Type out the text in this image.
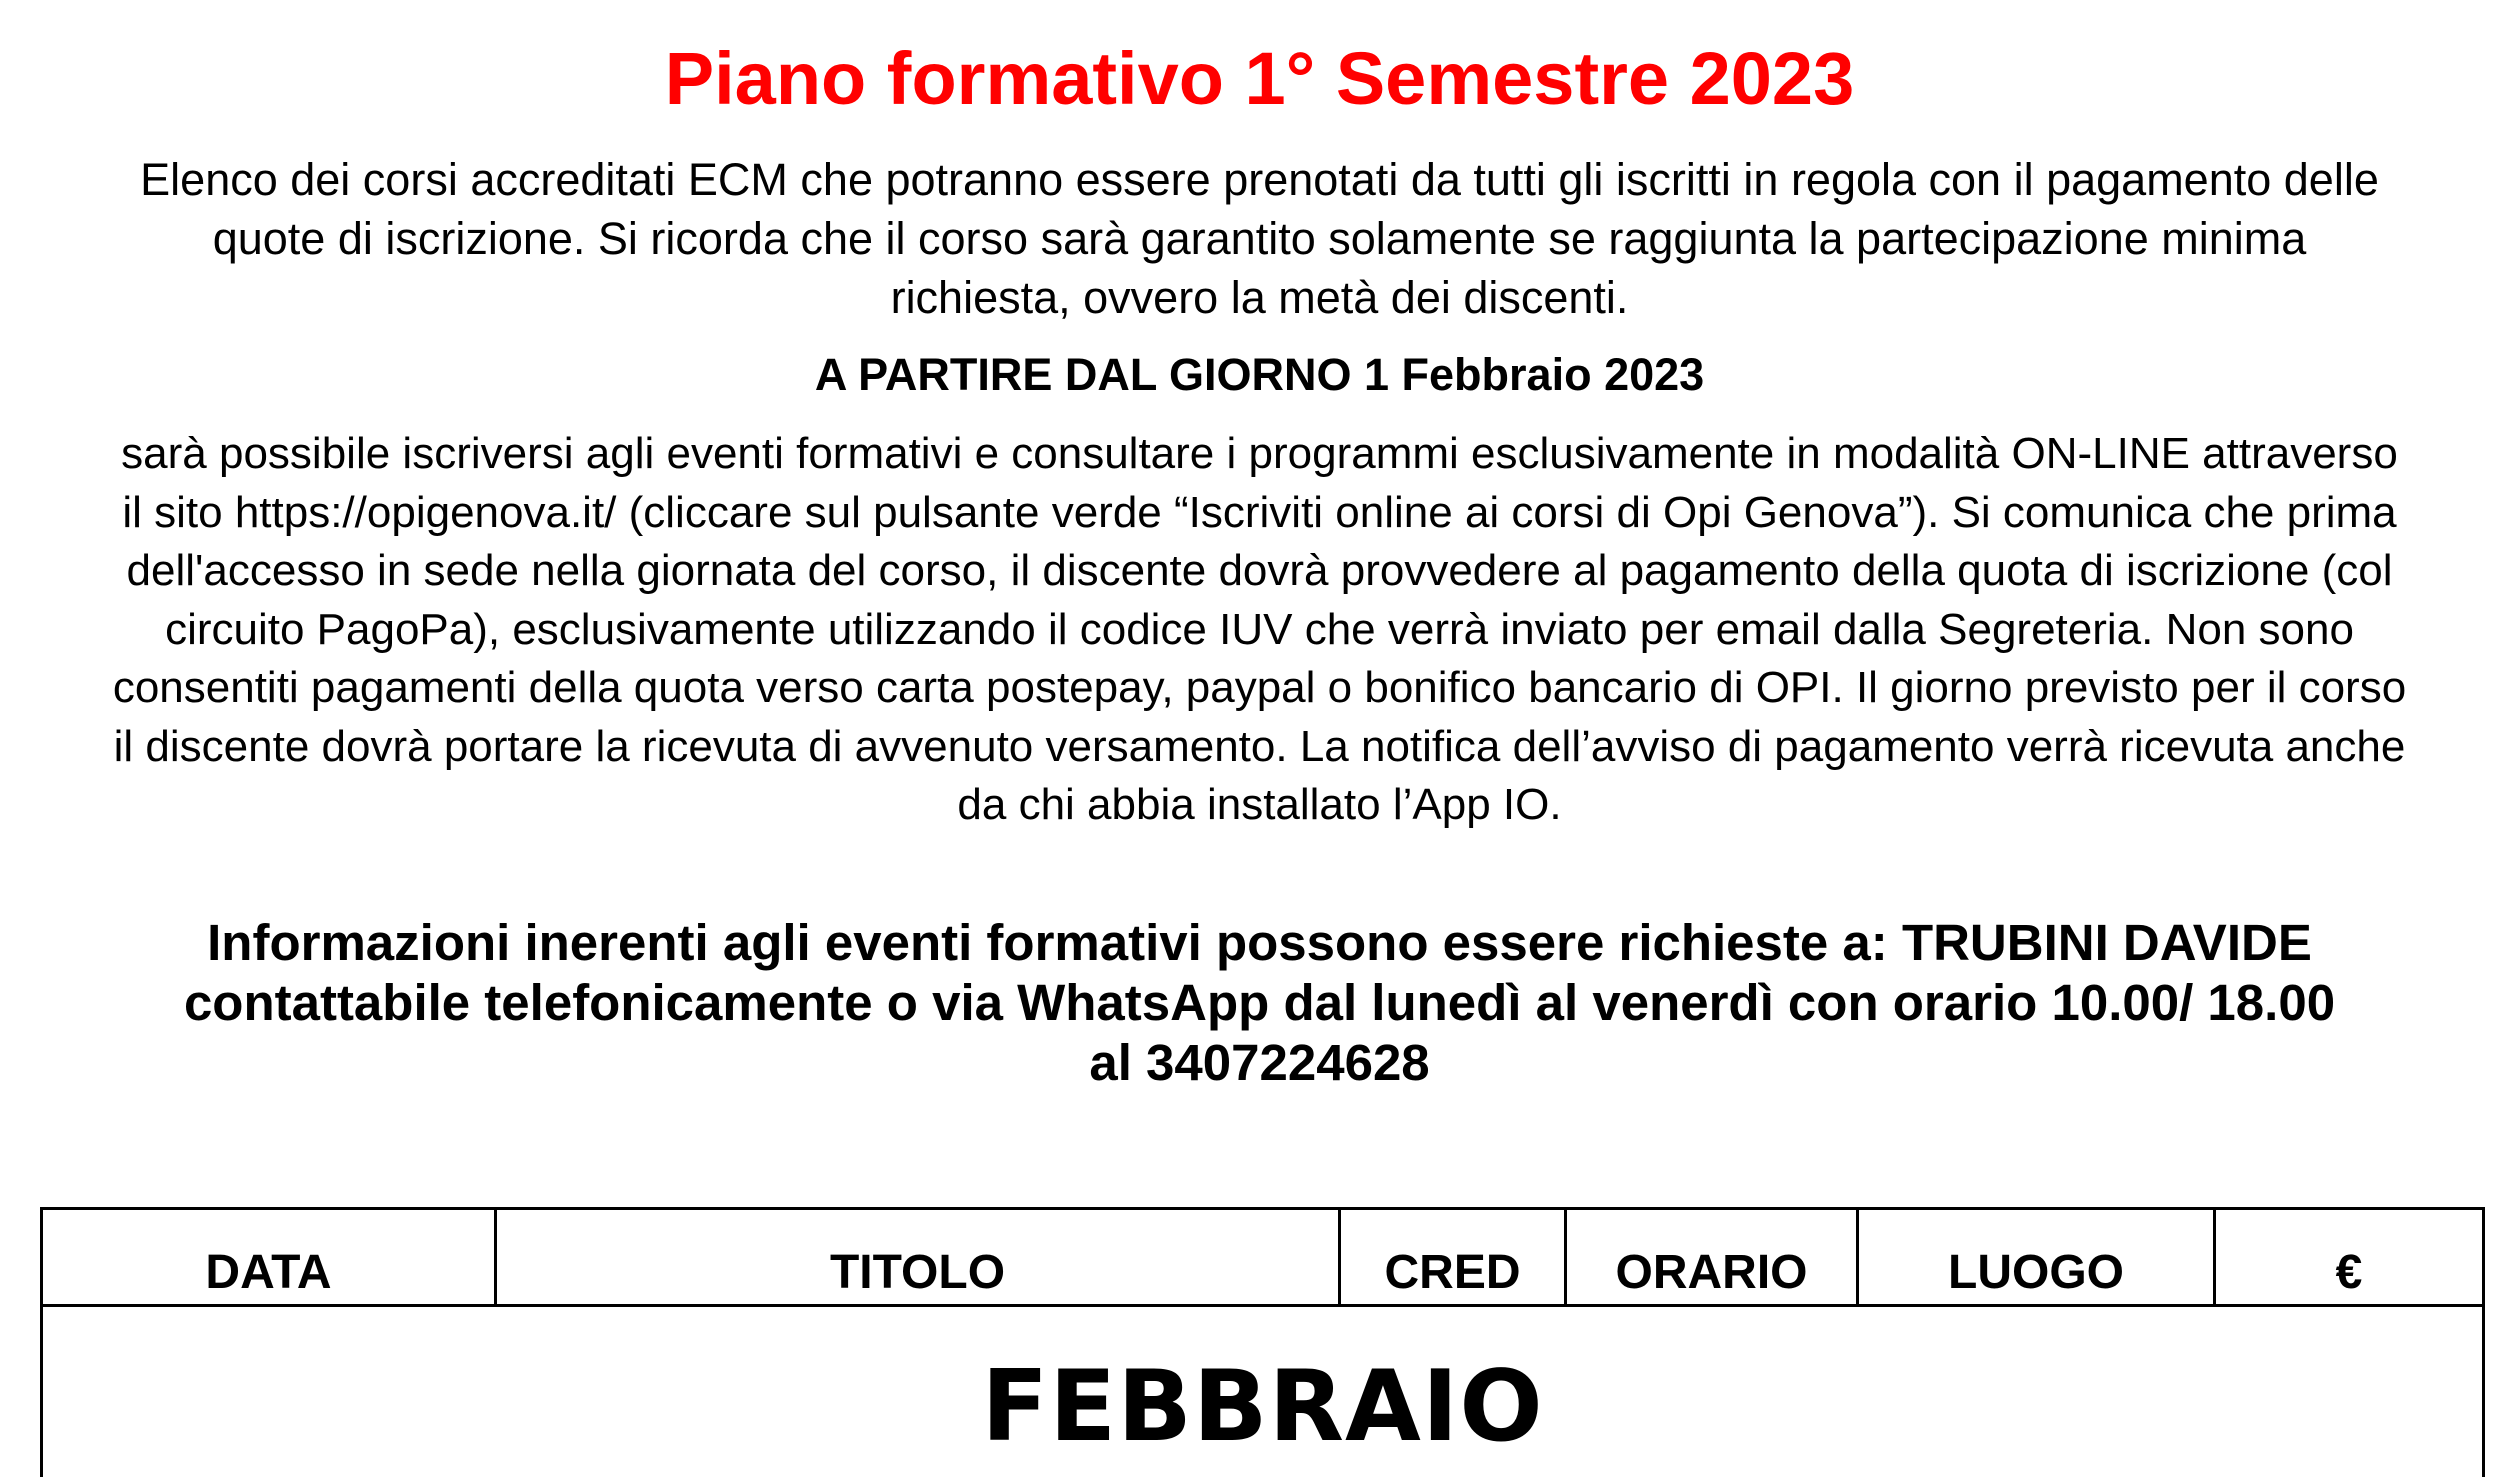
Piano formativo 1° Semestre 2023
Elenco dei corsi accreditati ECM che potranno essere prenotati da tutti gli iscritti in regola con il pagamento delle quote di iscrizione. Si ricorda che il corso sarà garantito solamente se raggiunta la partecipazione minima richiesta, ovvero la metà dei discenti.
A PARTIRE DAL GIORNO 1 Febbraio 2023
sarà possibile iscriversi agli eventi formativi e consultare i programmi esclusivamente in modalità ON-LINE attraverso il sito https://opigenova.it/ (cliccare sul pulsante verde “Iscriviti online ai corsi di Opi Genova”). Si comunica che prima dell'accesso in sede nella giornata del corso, il discente dovrà provvedere al pagamento della quota di iscrizione (col circuito PagoPa), esclusivamente utilizzando il codice IUV che verrà inviato per email dalla Segreteria. Non sono consentiti pagamenti della quota verso carta postepay, paypal o bonifico bancario di OPI. Il giorno previsto per il corso il discente dovrà portare la ricevuta di avvenuto versamento. La notifica dell’avviso di pagamento verrà ricevuta anche da chi abbia installato l’App IO.
Informazioni inerenti agli eventi formativi possono essere richieste a: TRUBINI DAVIDE contattabile telefonicamente o via WhatsApp dal lunedì al venerdì con orario 10.00/ 18.00 al 3407224628
DATA	TITOLO	CRED	ORARIO	LUOGO	€
FEBBRAIO
